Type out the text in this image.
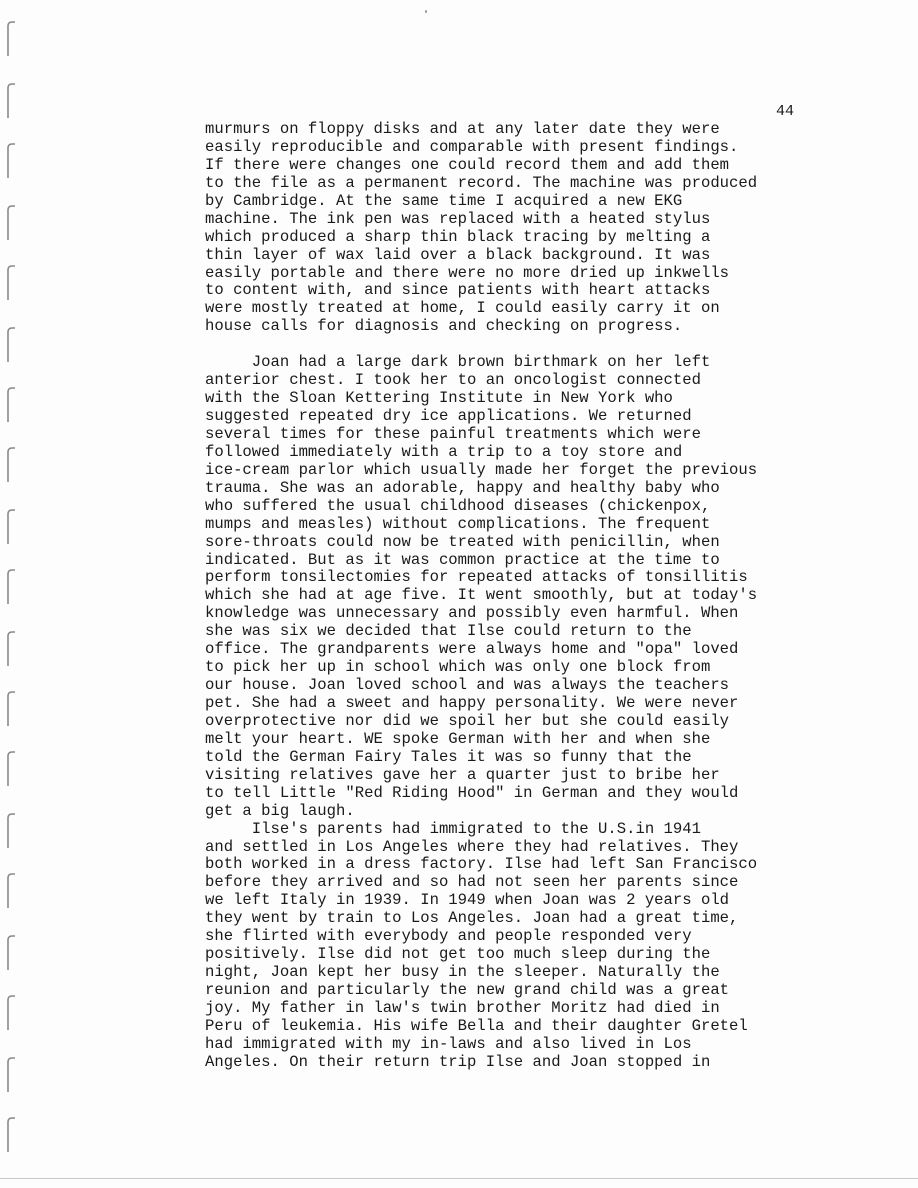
44

murmurs on floppy disks and at any later date they were
easily reproducible and comparable with present findings.
If there were changes one could record them and add them
to the file as a permanent record. The machine was produced
by Cambridge. At the same time I acquired a new EKG
machine. The ink pen was replaced with a heated stylus
which produced a sharp thin black tracing by melting a
thin layer of wax laid over a black background. It was
easily portable and there were no more dried up inkwells
to content with, and since patients with heart attacks
were mostly treated at home, I could easily carry it on
house calls for diagnosis and checking on progress.
Joan had a large dark brown birthmark on her left
anterior chest. I took her to an oncologist connected
with the Sloan Kettering Institute in New York who
suggested repeated dry ice applications. We returned
several times for these painful treatments which were
followed immediately with a trip to a toy store and
ice-cream parlor which usually made her forget the previous
trauma. She was an adorable, happy and healthy baby who
who suffered the usual childhood diseases (chickenpox,
mumps and measles) without complications. The frequent
sore-throats could now be treated with penicillin, when
indicated. But as it was common practice at the time to
perform tonsilectomies for repeated attacks of tonsillitis
which she had at age five. It went smoothly, but at today's
knowledge was unnecessary and possibly even harmful. When
she was six we decided that Ilse could return to the
office. The grandparents were always home and "opa" loved
to pick her up in school which was only one block from
our house. Joan loved school and was always the teachers
pet. She had a sweet and happy personality. We were never
overprotective nor did we spoil her but she could easily
melt your heart. WE spoke German with her and when she
told the German Fairy Tales it was so funny that the
visiting relatives gave her a quarter just to bribe her
to tell Little "Red Riding Hood" in German and they would
get a big laugh.
Ilse's parents had immigrated to the U.S.in 1941
and settled in Los Angeles where they had relatives. They
both worked in a dress factory. Ilse had left San Francisco
before they arrived and so had not seen her parents since
we left Italy in 1939. In 1949 when Joan was 2 years old
they went by train to Los Angeles. Joan had a great time,
she flirted with everybody and people responded very
positively. Ilse did not get too much sleep during the
night, Joan kept her busy in the sleeper. Naturally the
reunion and particularly the new grand child was a great
joy. My father in law's twin brother Moritz had died in
Peru of leukemia. His wife Bella and their daughter Gretel
had immigrated with my in-laws and also lived in Los
Angeles. On their return trip Ilse and Joan stopped in
